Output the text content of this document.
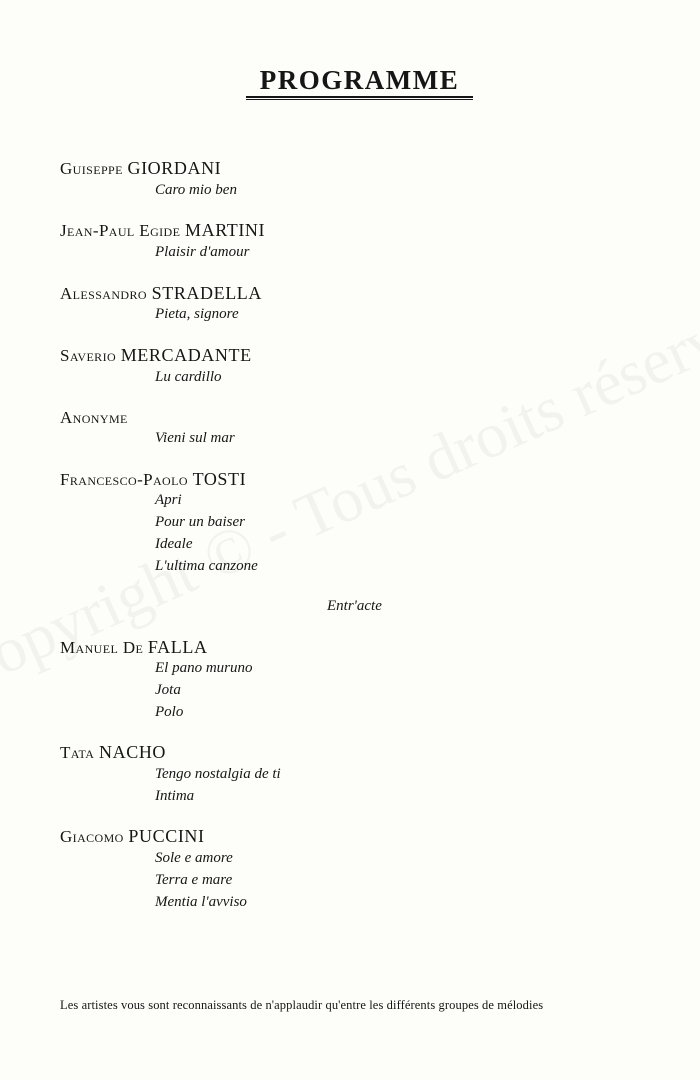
PROGRAMME
Guiseppe GIORDANI
Caro mio ben
Jean-Paul Egide MARTINI
Plaisir d'amour
Alessandro STRADELLA
Pieta, signore
Saverio MERCADANTE
Lu cardillo
Anonyme
Vieni sul mar
Francesco-Paolo TOSTI
Apri
Pour un baiser
Ideale
L'ultima canzone
Entr'acte
Manuel De FALLA
El pano muruno
Jota
Polo
Tata NACHO
Tengo nostalgia de ti
Intima
Giacomo PUCCINI
Sole e amore
Terra e mare
Mentia l'avviso
Les artistes vous sont reconnaissants de n'applaudir qu'entre les différents groupes de mélodies
